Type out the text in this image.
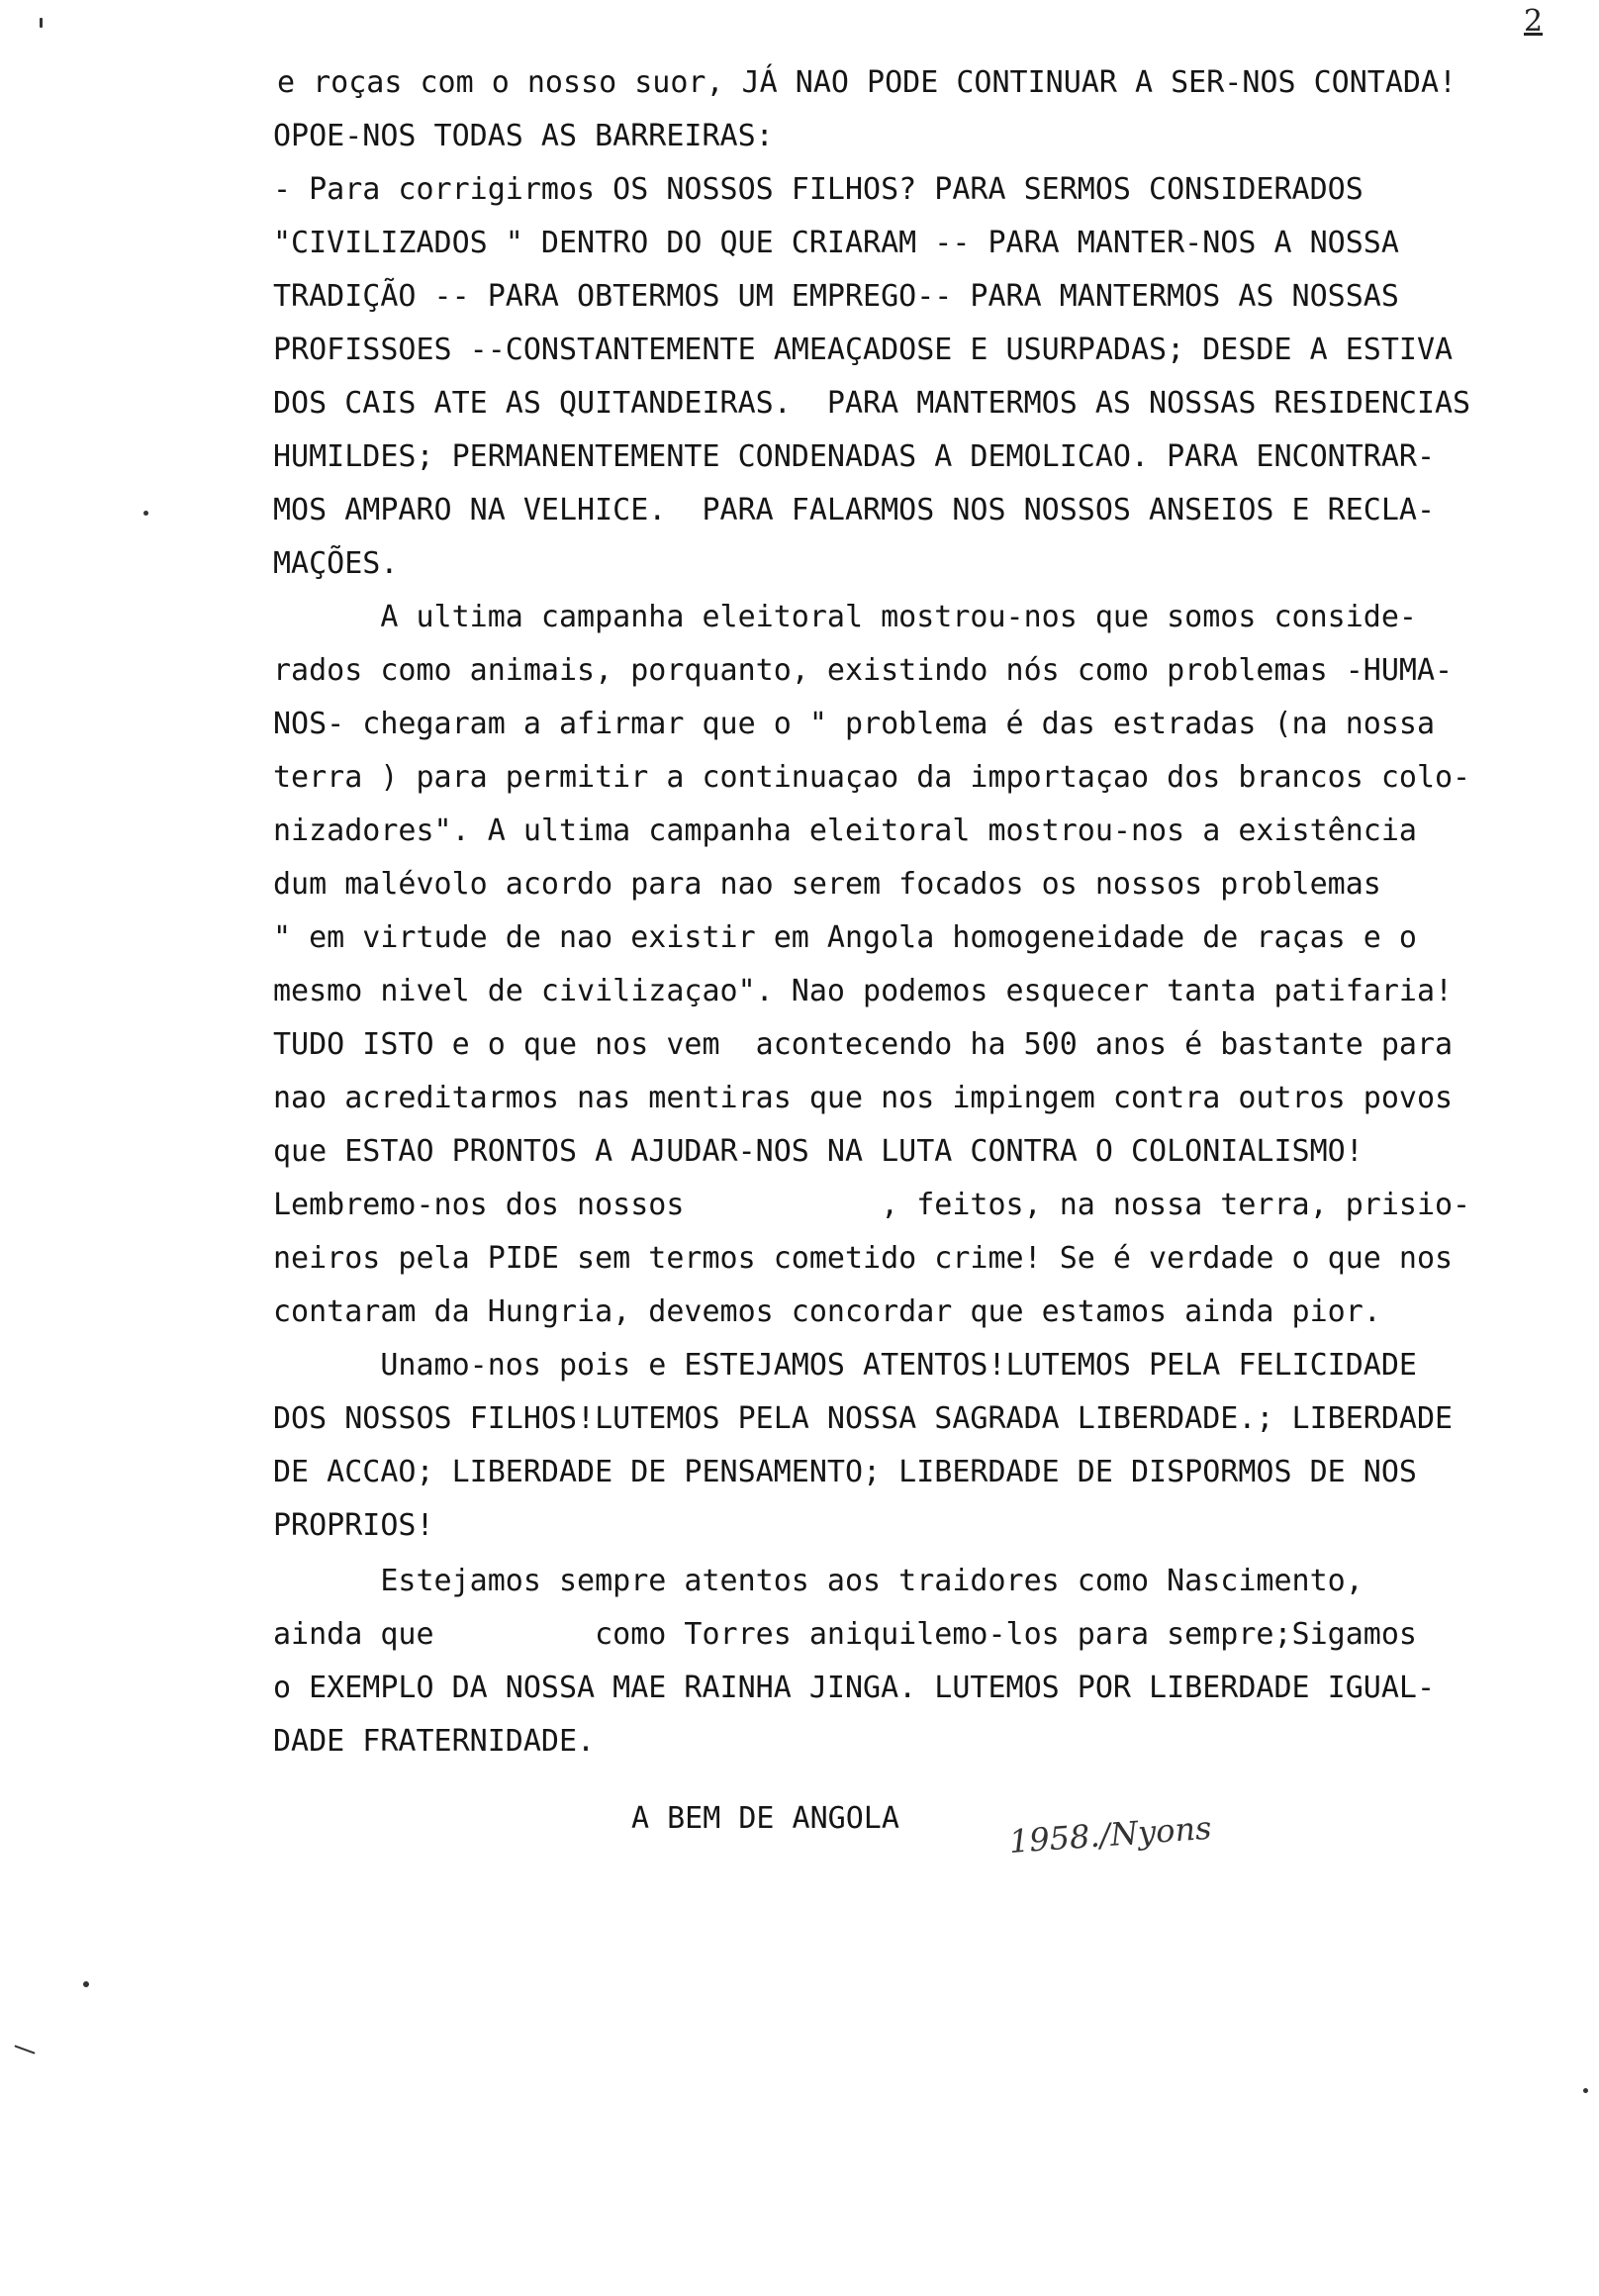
2
e roças com o nosso suor, JÁ NAO PODE CONTINUAR A SER-NOS CONTADA!
OPOE-NOS TODAS AS BARREIRAS:
- Para corrigirmos OS NOSSOS FILHOS? PARA SERMOS CONSIDERADOS
"CIVILIZADOS " DENTRO DO QUE CRIARAM -- PARA MANTER-NOS A NOSSA
TRADIÇÃO -- PARA OBTERMOS UM EMPREGO-- PARA MANTERMOS AS NOSSAS
PROFISSOES --CONSTANTEMENTE AMEAÇADOSE E USURPADAS; DESDE A ESTIVA
DOS CAIS ATE AS QUITANDEIRAS.  PARA MANTERMOS AS NOSSAS RESIDENCIAS
HUMILDES; PERMANENTEMENTE CONDENADAS A DEMOLICAO. PARA ENCONTRAR-
MOS AMPARO NA VELHICE.  PARA FALARMOS NOS NOSSOS ANSEIOS E RECLA-
MAÇÕES.
A ultima campanha eleitoral mostrou-nos que somos conside-
rados como animais, porquanto, existindo nós como problemas -HUMA-
NOS- chegaram a afirmar que o " problema é das estradas (na nossa
terra ) para permitir a continuaçao da importaçao dos brancos colo-
nizadores". A ultima campanha eleitoral mostrou-nos a existência
dum malévolo acordo para nao serem focados os nossos problemas
" em virtude de nao existir em Angola homogeneidade de raças e o
mesmo nivel de civilizaçao". Nao podemos esquecer tanta patifaria!
TUDO ISTO e o que nos vem  acontecendo ha 500 anos é bastante para
nao acreditarmos nas mentiras que nos impingem contra outros povos
que ESTAO PRONTOS A AJUDAR-NOS NA LUTA CONTRA O COLONIALISMO!
Lembremo-nos dos nossos           , feitos, na nossa terra, prisio-
neiros pela PIDE sem termos cometido crime! Se é verdade o que nos
contaram da Hungria, devemos concordar que estamos ainda pior.
Unamo-nos pois e ESTEJAMOS ATENTOS!LUTEMOS PELA FELICIDADE
DOS NOSSOS FILHOS!LUTEMOS PELA NOSSA SAGRADA LIBERDADE.; LIBERDADE
DE ACCAO; LIBERDADE DE PENSAMENTO; LIBERDADE DE DISPORMOS DE NOS
PROPRIOS!
Estejamos sempre atentos aos traidores como Nascimento,
ainda que         como Torres aniquilemo-los para sempre;Sigamos
o EXEMPLO DA NOSSA MAE RAINHA JINGA. LUTEMOS POR LIBERDADE IGUAL-
DADE FRATERNIDADE.
A BEM DE ANGOLA	1958./Nyons
